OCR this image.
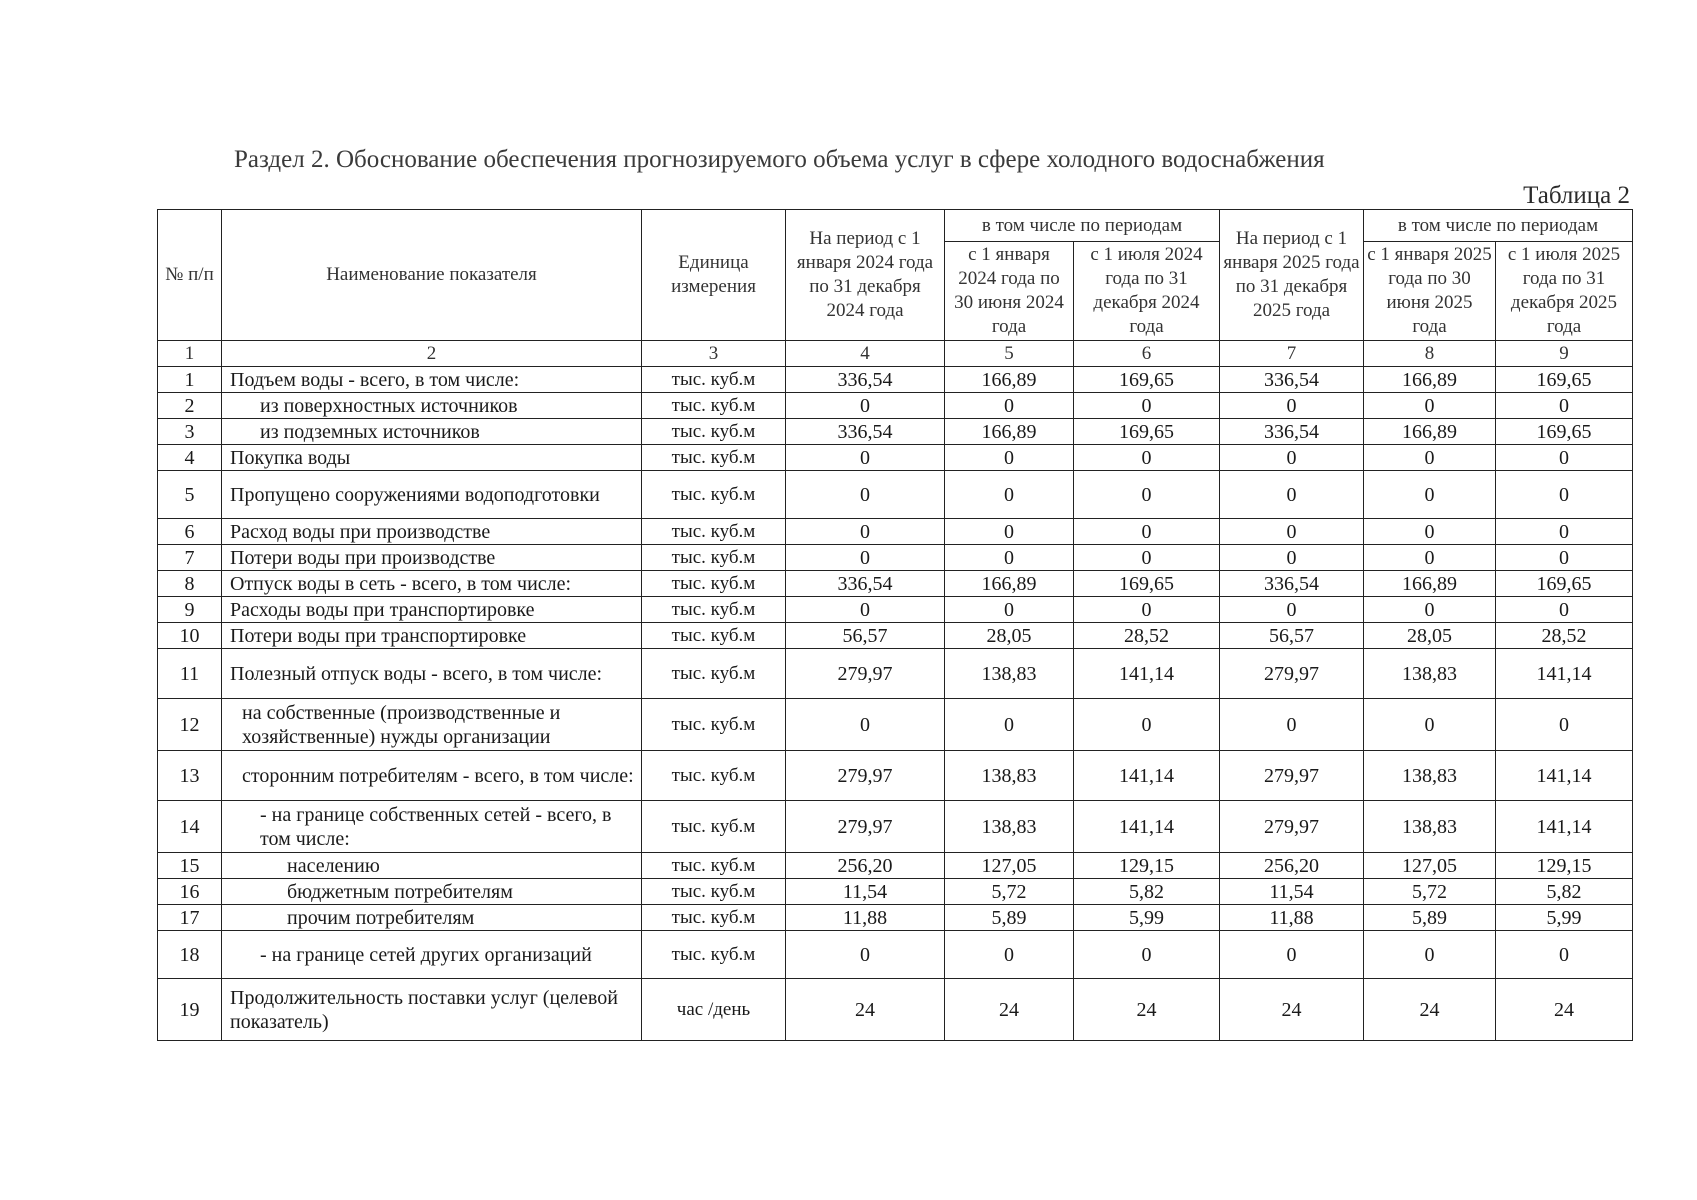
Раздел 2. Обоснование обеспечения прогнозируемого объема услуг в сфере холодного водоснабжения
Таблица 2
№ п/п	Наименование показателя	Единица измерения	На период с 1 января 2024 года по 31 декабря 2024 года	в том числе по периодам		На период с 1 января 2025 года по 31 декабря 2025 года	в том числе по периодам	
				с 1 января 2024 года по 30 июня 2024 года	с 1 июля 2024 года по 31 декабря 2024 года		с 1 января 2025 года по 30 июня 2025 года	с 1 июля 2025 года по 31 декабря 2025 года
1	2	3	4	5	6	7	8	9
1	Подъем воды - всего, в том числе:	тыс. куб.м	336,54	166,89	169,65	336,54	166,89	169,65
2	из поверхностных источников	тыс. куб.м	0	0	0	0	0	0
3	из подземных источников	тыс. куб.м	336,54	166,89	169,65	336,54	166,89	169,65
4	Покупка воды	тыс. куб.м	0	0	0	0	0	0
5	Пропущено сооружениями водоподготовки	тыс. куб.м	0	0	0	0	0	0
6	Расход воды при производстве	тыс. куб.м	0	0	0	0	0	0
7	Потери воды при производстве	тыс. куб.м	0	0	0	0	0	0
8	Отпуск воды в сеть - всего, в том числе:	тыс. куб.м	336,54	166,89	169,65	336,54	166,89	169,65
9	Расходы воды при транспортировке	тыс. куб.м	0	0	0	0	0	0
10	Потери воды при транспортировке	тыс. куб.м	56,57	28,05	28,52	56,57	28,05	28,52
11	Полезный отпуск воды - всего, в том числе:	тыс. куб.м	279,97	138,83	141,14	279,97	138,83	141,14
12	на собственные (производственные и хозяйственные) нужды организации	тыс. куб.м	0	0	0	0	0	0
13	сторонним потребителям - всего, в том числе:	тыс. куб.м	279,97	138,83	141,14	279,97	138,83	141,14
14	- на границе собственных сетей - всего, в том числе:	тыс. куб.м	279,97	138,83	141,14	279,97	138,83	141,14
15	населению	тыс. куб.м	256,20	127,05	129,15	256,20	127,05	129,15
16	бюджетным потребителям	тыс. куб.м	11,54	5,72	5,82	11,54	5,72	5,82
17	прочим потребителям	тыс. куб.м	11,88	5,89	5,99	11,88	5,89	5,99
18	- на границе сетей других организаций	тыс. куб.м	0	0	0	0	0	0
19	Продолжительность поставки услуг (целевой показатель)	час /день	24	24	24	24	24	24
